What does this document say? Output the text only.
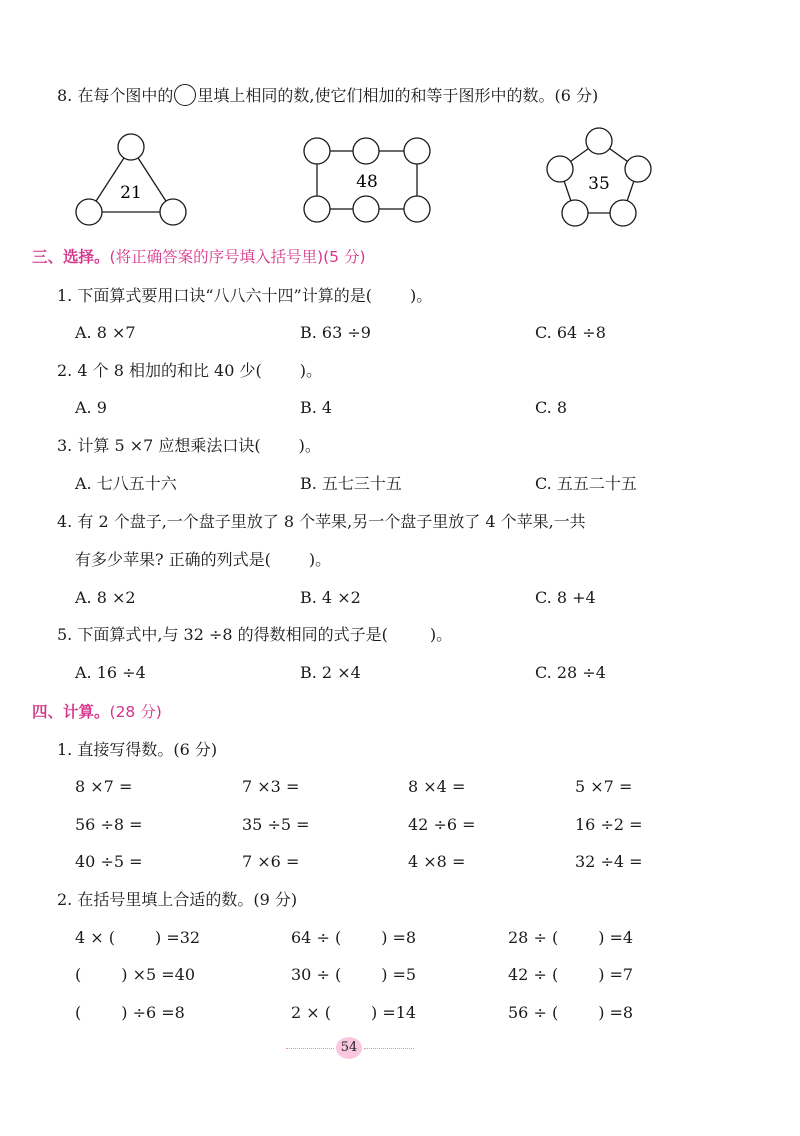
8. 在每个图中的 里填上相同的数,使它们相加的和等于图形中的数。(6 分)
21
48	35
三、选择。(将正确答案的序号填入括号里)(5 分)
1. 下面算式要用口诀“八八六十四”计算的是( )。
A. 8 ×7	B. 63 ÷9	C. 64 ÷8
2. 4 个 8 相加的和比 40 少( )。
A. 9	B. 4	C. 8
3. 计算 5 ×7 应想乘法口诀( )。
A. 七八五十六	B. 五七三十五	C. 五五二十五
4. 有 2 个盘子,一个盘子里放了 8 个苹果,另一个盘子里放了 4 个苹果,一共
有多少苹果? 正确的列式是( )。
A. 8 ×2	B. 4 ×2	C. 8 +4
5. 下面算式中,与 32 ÷8 的得数相同的式子是(	)。
A. 16 ÷4	B. 2 ×4	C. 28 ÷4
四、计算。(28 分)
1. 直接写得数。(6 分)
8 ×7 =	7 ×3 =	8 ×4 =	5 ×7 =
56 ÷8 =	35 ÷5 =	42 ÷6 =	16 ÷2 =
40 ÷5 =	7 ×6 =	4 ×8 =	32 ÷4 =
2. 在括号里填上合适的数。(9 分)
4 × (	) =32	64 ÷ (	) =8	28 ÷ (	) =4
(	) ×5 =40	30 ÷ (	) =5	42 ÷ (	) =7
(	) ÷6 =8	2 × (	) =14	56 ÷ (	) =8
54
